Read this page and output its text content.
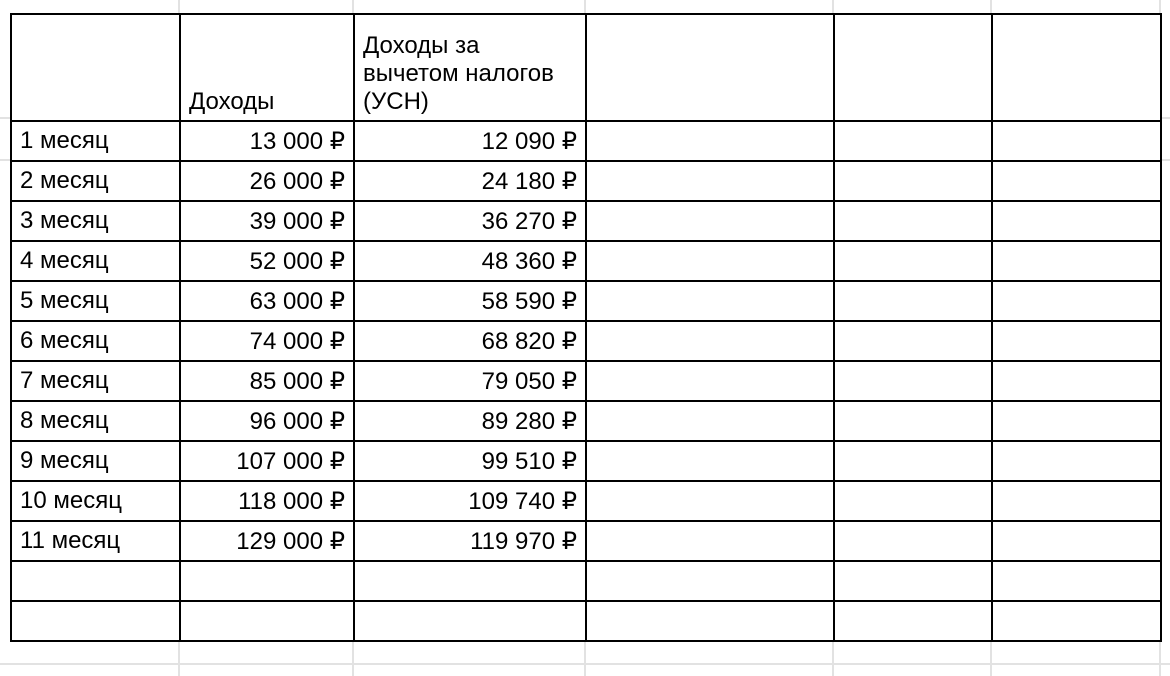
	Доходы	Доходы за вычетом налогов (УСН)			
1 месяц	13 000 ₽	12 090 ₽			
2 месяц	26 000 ₽	24 180 ₽			
3 месяц	39 000 ₽	36 270 ₽			
4 месяц	52 000 ₽	48 360 ₽			
5 месяц	63 000 ₽	58 590 ₽			
6 месяц	74 000 ₽	68 820 ₽			
7 месяц	85 000 ₽	79 050 ₽			
8 месяц	96 000 ₽	89 280 ₽			
9 месяц	107 000 ₽	99 510 ₽			
10 месяц	118 000 ₽	109 740 ₽			
11 месяц	129 000 ₽	119 970 ₽			
